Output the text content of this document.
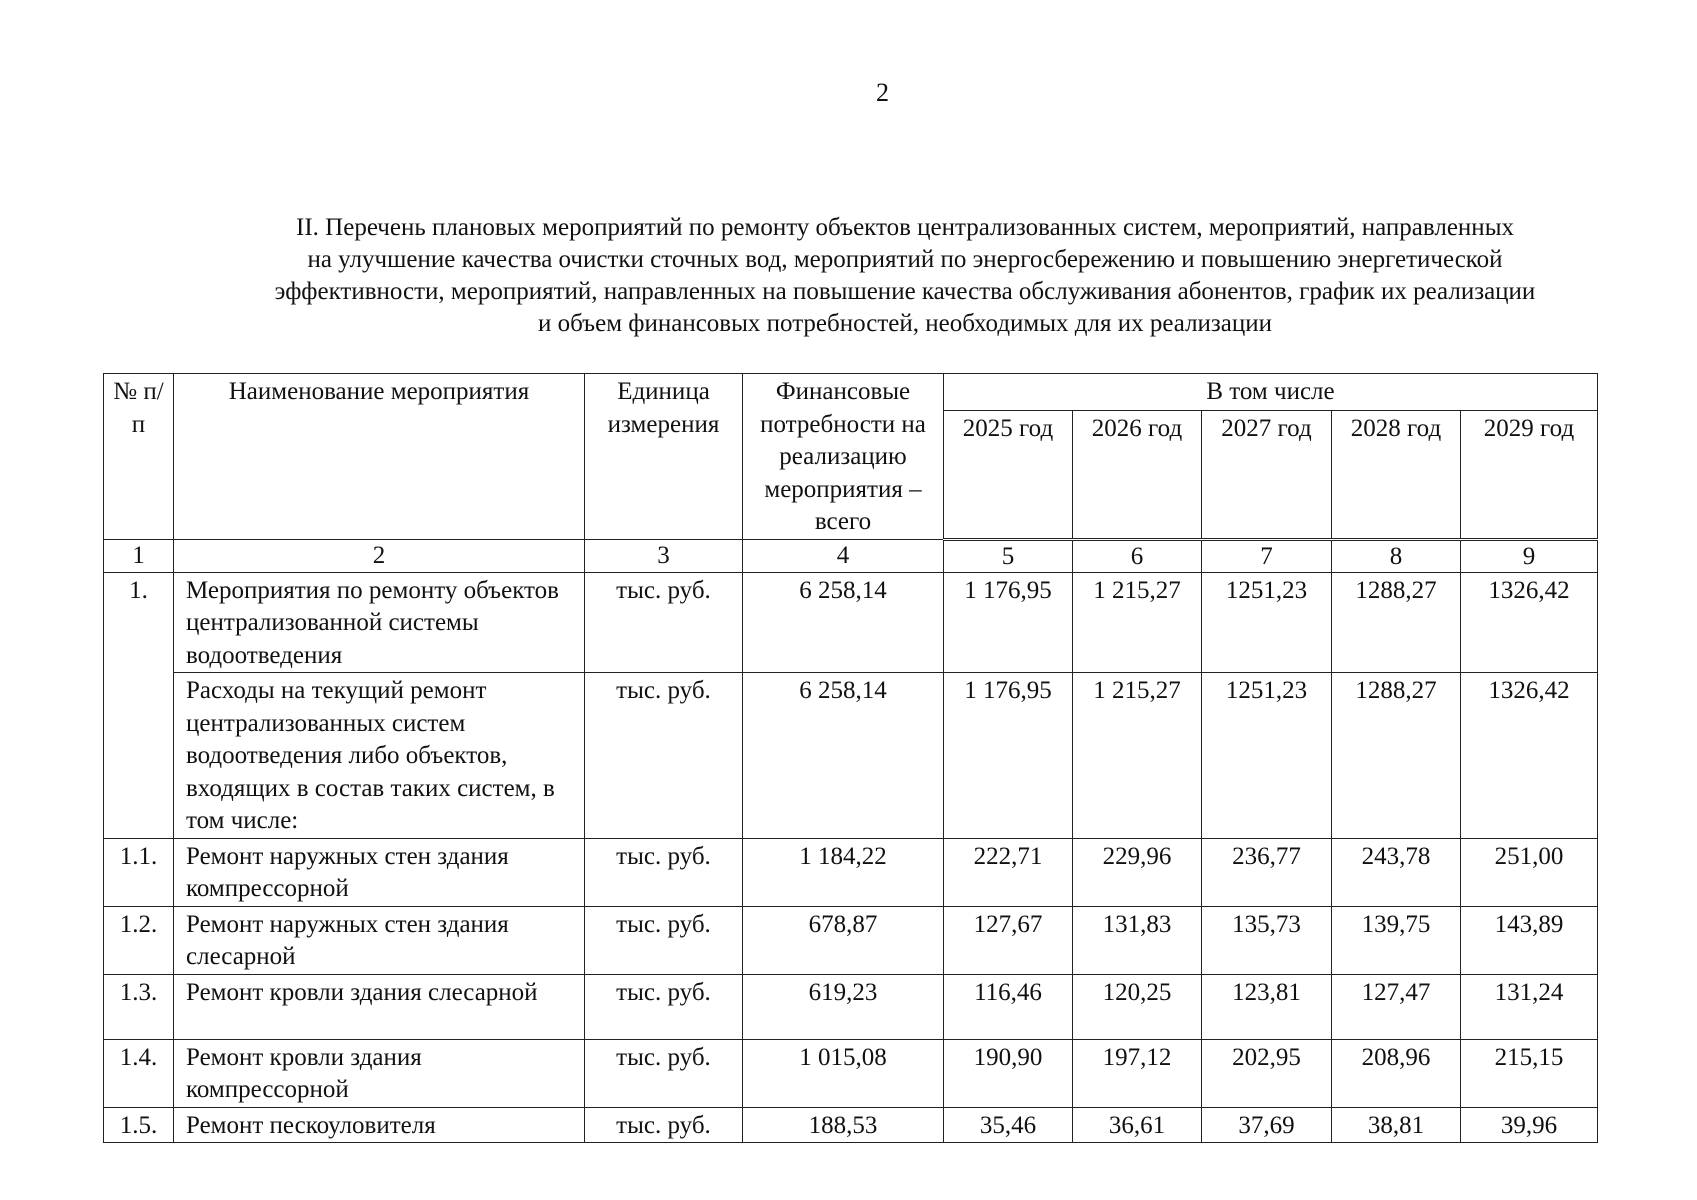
2
II. Перечень плановых мероприятий по ремонту объектов централизованных систем, мероприятий, направленных
на улучшение качества очистки сточных вод, мероприятий по энергосбережению и повышению энергетической
эффективности, мероприятий, направленных на повышение качества обслуживания абонентов, график их реализации
и объем финансовых потребностей, необходимых для их реализации
№ п/п	Наименование мероприятия	Единица измерения	Финансовые потребности на реализацию мероприятия – всего	В том числе				
				2025 год	2026 год	2027 год	2028 год	2029 год
1	2	3	4	5	6	7	8	9
1.	Мероприятия по ремонту объектов централизованной системы водоотведения	тыс. руб.	6 258,14	1 176,95	1 215,27	1251,23	1288,27	1326,42
	Расходы на текущий ремонт централизованных систем водоотведения либо объектов, входящих в состав таких систем, в том числе:	тыс. руб.	6 258,14	1 176,95	1 215,27	1251,23	1288,27	1326,42
1.1.	Ремонт наружных стен здания компрессорной	тыс. руб.	1 184,22	222,71	229,96	236,77	243,78	251,00
1.2.	Ремонт наружных стен здания слесарной	тыс. руб.	678,87	127,67	131,83	135,73	139,75	143,89
1.3.	Ремонт кровли здания слесарной	тыс. руб.	619,23	116,46	120,25	123,81	127,47	131,24
1.4.	Ремонт кровли здания компрессорной	тыс. руб.	1 015,08	190,90	197,12	202,95	208,96	215,15
1.5.	Ремонт пескоуловителя	тыс. руб.	188,53	35,46	36,61	37,69	38,81	39,96
